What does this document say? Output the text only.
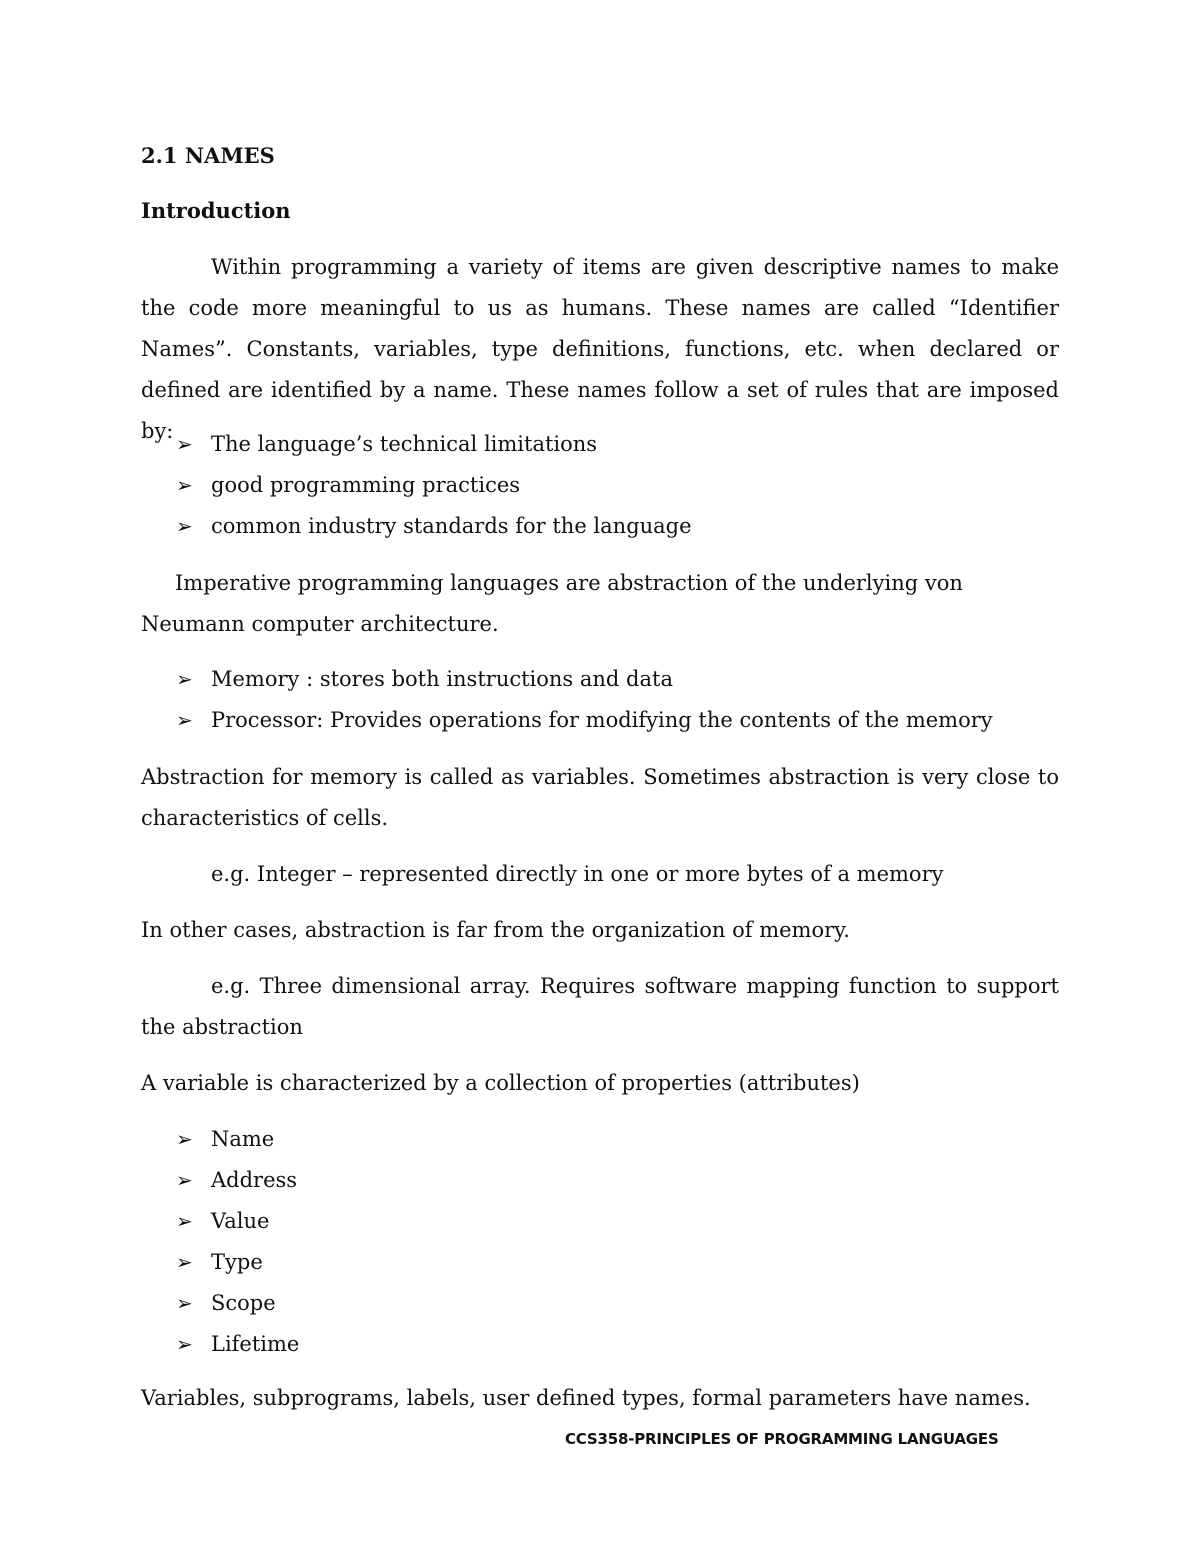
2.1 NAMES

Introduction

Within programming a variety of items are given descriptive names to make the code more meaningful to us as humans. These names are called “Identifier Names”. Constants, variables, type definitions, functions, etc. when declared or defined are identified by a name. These names follow a set of rules that are imposed by:

➢ The language’s technical limitations
➢ good programming practices
➢ common industry standards for the language

Imperative programming languages are abstraction of the underlying von Neumann computer architecture.

➢ Memory : stores both instructions and data
➢ Processor: Provides operations for modifying the contents of the memory

Abstraction for memory is called as variables. Sometimes abstraction is very close to characteristics of cells.

e.g. Integer – represented directly in one or more bytes of a memory

In other cases, abstraction is far from the organization of memory.

e.g. Three dimensional array. Requires software mapping function to support the abstraction

A variable is characterized by a collection of properties (attributes)

➢ Name
➢ Address
➢ Value
➢ Type
➢ Scope
➢ Lifetime

Variables, subprograms, labels, user defined types, formal parameters have names.

CCS358-PRINCIPLES OF PROGRAMMING LANGUAGES
